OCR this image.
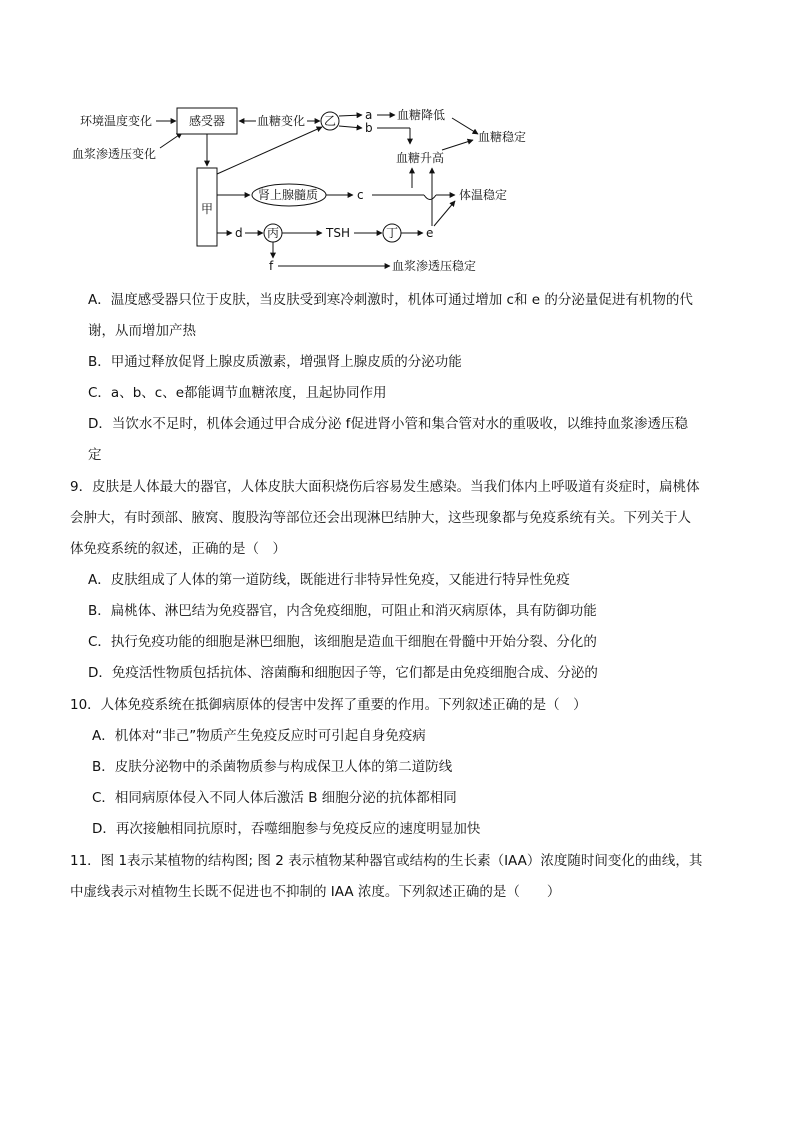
环境温度变化
血浆渗透压变化
感受器	血糖变化 乙 a
b
血糖降低
血糖稳定
血糖升高
甲
肾上腺髓质	c	体温稳定
d 丙	TSH	丁 e
f	血浆渗透压稳定
A．温度感受器只位于皮肤，当皮肤受到寒冷刺激时，机体可通过增加 c和 e 的分泌量促进有机物的代
谢，从而增加产热
B．甲通过释放促肾上腺皮质激素，增强肾上腺皮质的分泌功能
C．a、b、c、e都能调节血糖浓度，且起协同作用
D．当饮水不足时，机体会通过甲合成分泌 f促进肾小管和集合管对水的重吸收，以维持血浆渗透压稳
定
9．皮肤是人体最大的器官，人体皮肤大面积烧伤后容易发生感染。当我们体内上呼吸道有炎症时，扁桃体
会肿大，有时颈部、腋窝、腹股沟等部位还会出现淋巴结肿大，这些现象都与免疫系统有关。下列关于人
体免疫系统的叙述，正确的是（　）
A．皮肤组成了人体的第一道防线，既能进行非特异性免疫，又能进行特异性免疫
B．扁桃体、淋巴结为免疫器官，内含免疫细胞，可阻止和消灭病原体，具有防御功能
C．执行免疫功能的细胞是淋巴细胞，该细胞是造血干细胞在骨髓中开始分裂、分化的
D．免疫活性物质包括抗体、溶菌酶和细胞因子等，它们都是由免疫细胞合成、分泌的
10．人体免疫系统在抵御病原体的侵害中发挥了重要的作用。下列叙述正确的是（　）
A．机体对“非己”物质产生免疫反应时可引起自身免疫病
B．皮肤分泌物中的杀菌物质参与构成保卫人体的第二道防线
C．相同病原体侵入不同人体后激活 B 细胞分泌的抗体都相同
D．再次接触相同抗原时，吞噬细胞参与免疫反应的速度明显加快
11．图 1表示某植物的结构图; 图 2 表示植物某种器官或结构的生长素（IAA）浓度随时间变化的曲线，其
中虚线表示对植物生长既不促进也不抑制的 IAA 浓度。下列叙述正确的是（　　）
